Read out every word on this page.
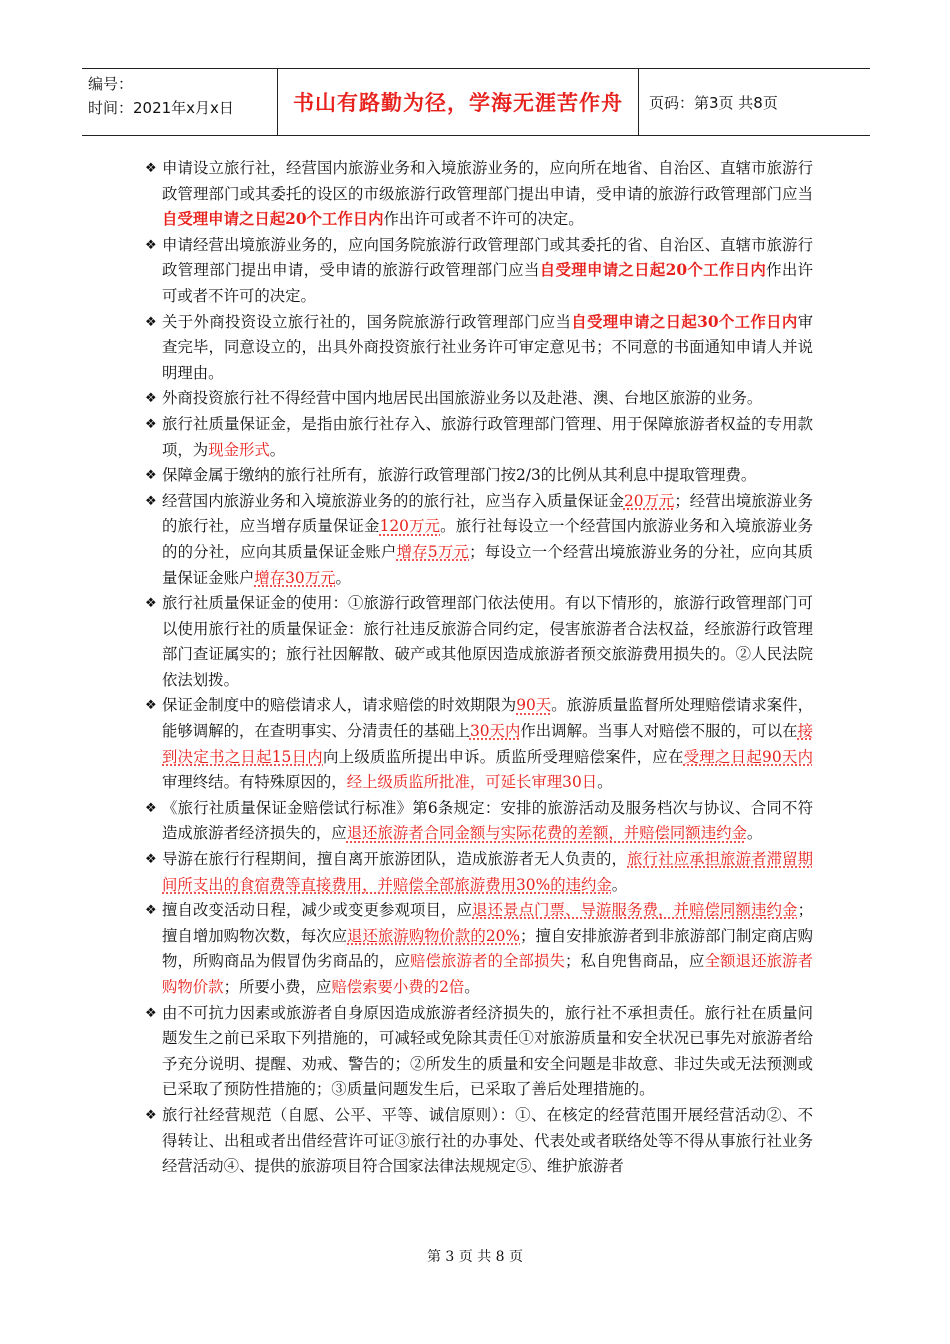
编号：
时间：2021年x月x日	书山有路勤为径，学海无涯苦作舟 页码：第3页 共8页
❖ 申请设立旅行社，经营国内旅游业务和入境旅游业务的，应向所在地省、自治区、直辖市旅游行政管理部门或其委托的设区的市级旅游行政管理部门提出申请，受申请的旅游行政管理部门应当自受理申请之日起20个工作日内作出许可或者不许可的决定。
❖ 申请经营出境旅游业务的，应向国务院旅游行政管理部门或其委托的省、自治区、直辖市旅游行政管理部门提出申请，受申请的旅游行政管理部门应当自受理申请之日起20个工作日内作出许可或者不许可的决定。
❖ 关于外商投资设立旅行社的，国务院旅游行政管理部门应当自受理申请之日起30个工作日内审查完毕，同意设立的，出具外商投资旅行社业务许可审定意见书；不同意的书面通知申请人并说明理由。
❖ 外商投资旅行社不得经营中国内地居民出国旅游业务以及赴港、澳、台地区旅游的业务。
❖ 旅行社质量保证金，是指由旅行社存入、旅游行政管理部门管理、用于保障旅游者权益的专用款项，为现金形式。
❖ 保障金属于缴纳的旅行社所有，旅游行政管理部门按2/3的比例从其利息中提取管理费。
❖ 经营国内旅游业务和入境旅游业务的的旅行社，应当存入质量保证金20万元；经营出境旅游业务的旅行社，应当增存质量保证金120万元。旅行社每设立一个经营国内旅游业务和入境旅游业务的的分社，应向其质量保证金账户增存5万元；每设立一个经营出境旅游业务的分社，应向其质量保证金账户增存30万元。
❖ 旅行社质量保证金的使用：①旅游行政管理部门依法使用。有以下情形的，旅游行政管理部门可以使用旅行社的质量保证金：旅行社违反旅游合同约定，侵害旅游者合法权益，经旅游行政管理部门查证属实的；旅行社因解散、破产或其他原因造成旅游者预交旅游费用损失的。②人民法院依法划拨。
❖ 保证金制度中的赔偿请求人，请求赔偿的时效期限为90天。旅游质量监督所处理赔偿请求案件，能够调解的，在查明事实、分清责任的基础上30天内作出调解。当事人对赔偿不服的，可以在接到决定书之日起15日内向上级质监所提出申诉。质监所受理赔偿案件，应在受理之日起90天内审理终结。有特殊原因的，经上级质监所批准，可延长审理30日。
❖ 《旅行社质量保证金赔偿试行标准》第6条规定：安排的旅游活动及服务档次与协议、合同不符造成旅游者经济损失的，应退还旅游者合同金额与实际花费的差额，并赔偿同额违约金。
❖ 导游在旅行行程期间，擅自离开旅游团队，造成旅游者无人负责的，旅行社应承担旅游者滞留期间所支出的食宿费等直接费用，并赔偿全部旅游费用30%的违约金。
❖ 擅自改变活动日程，减少或变更参观项目，应退还景点门票、导游服务费，并赔偿同额违约金；擅自增加购物次数，每次应退还旅游购物价款的20%；擅自安排旅游者到非旅游部门制定商店购物，所购商品为假冒伪劣商品的，应赔偿旅游者的全部损失；私自兜售商品，应全额退还旅游者购物价款；所要小费，应赔偿索要小费的2倍。
❖ 由不可抗力因素或旅游者自身原因造成旅游者经济损失的，旅行社不承担责任。旅行社在质量问题发生之前已采取下列措施的，可减轻或免除其责任①对旅游质量和安全状况已事先对旅游者给予充分说明、提醒、劝戒、警告的；②所发生的质量和安全问题是非故意、非过失或无法预测或已采取了预防性措施的；③质量问题发生后，已采取了善后处理措施的。
❖ 旅行社经营规范（自愿、公平、平等、诚信原则）：①、在核定的经营范围开展经营活动②、不得转让、出租或者出借经营许可证③旅行社的办事处、代表处或者联络处等不得从事旅行社业务经营活动④、提供的旅游项目符合国家法律法规规定⑤、维护旅游者
第 3 页 共 8 页
